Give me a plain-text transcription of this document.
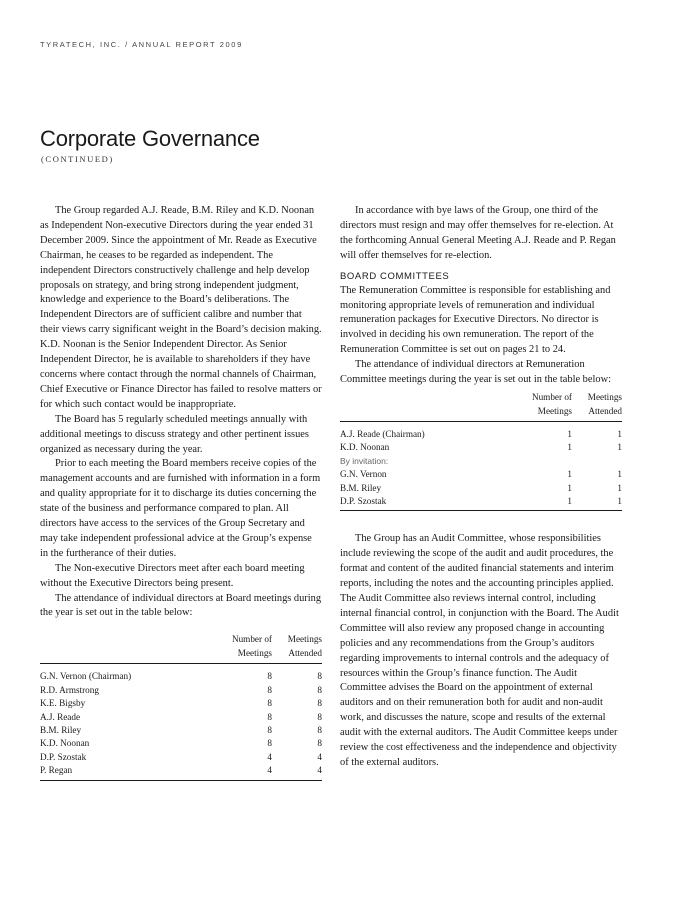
TYRATECH, INC. / ANNUAL REPORT 2009
Corporate Governance
(CONTINUED)

The Group regarded A.J. Reade, B.M. Riley and K.D. Noonan as Independent Non-executive Directors during the year ended 31 December 2009. Since the appointment of Mr. Reade as Executive Chairman, he ceases to be regarded as independent. The independent Directors constructively challenge and help develop proposals on strategy, and bring strong independent judgment, knowledge and experience to the Board’s deliberations. The Independent Directors are of sufficient calibre and number that their views carry significant weight in the Board’s decision making. K.D. Noonan is the Senior Independent Director. As Senior Independent Director, he is available to shareholders if they have concerns where contact through the normal channels of Chairman, Chief Executive or Finance Director has failed to resolve matters or for which such contact would be inappropriate.

The Board has 5 regularly scheduled meetings annually with additional meetings to discuss strategy and other pertinent issues organized as necessary during the year.

Prior to each meeting the Board members receive copies of the management accounts and are furnished with information in a form and quality appropriate for it to discharge its duties concerning the state of the business and performance compared to plan. All directors have access to the services of the Group Secretary and may take independent professional advice at the Group’s expense in the furtherance of their duties.

The Non-executive Directors meet after each board meeting without the Executive Directors being present.

The attendance of individual directors at Board meetings during the year is set out in the table below:

	Number of	Meetings
	Meetings	Attended
G.N. Vernon (Chairman)	8	8
R.D. Armstrong	8	8
K.E. Bigsby	8	8
A.J. Reade	8	8
B.M. Riley	8	8
K.D. Noonan	8	8
D.P. Szostak	4	4
P. Regan	4	4

In accordance with bye laws of the Group, one third of the directors must resign and may offer themselves for re-election. At the forthcoming Annual General Meeting A.J. Reade and P. Regan will offer themselves for re-election.

BOARD COMMITTEES

The Remuneration Committee is responsible for establishing and monitoring appropriate levels of remuneration and individual remuneration packages for Executive Directors. No director is involved in deciding his own remuneration. The report of the Remuneration Committee is set out on pages 21 to 24.

The attendance of individual directors at Remuneration Committee meetings during the year is set out in the table below:

	Number of	Meetings
	Meetings	Attended
A.J. Reade (Chairman)	1	1
K.D. Noonan	1	1
By invitation:		
G.N. Vernon	1	1
B.M. Riley	1	1
D.P. Szostak	1	1

The Group has an Audit Committee, whose responsibilities include reviewing the scope of the audit and audit procedures, the format and content of the audited financial statements and interim reports, including the notes and the accounting principles applied. The Audit Committee also reviews internal control, including internal financial control, in conjunction with the Board. The Audit Committee will also review any proposed change in accounting policies and any recommendations from the Group’s auditors regarding improvements to internal controls and the adequacy of resources within the Group’s finance function. The Audit Committee advises the Board on the appointment of external auditors and on their remuneration both for audit and non-audit work, and discusses the nature, scope and results of the external audit with the external auditors. The Audit Committee keeps under review the cost effectiveness and the independence and objectivity of the external auditors.
